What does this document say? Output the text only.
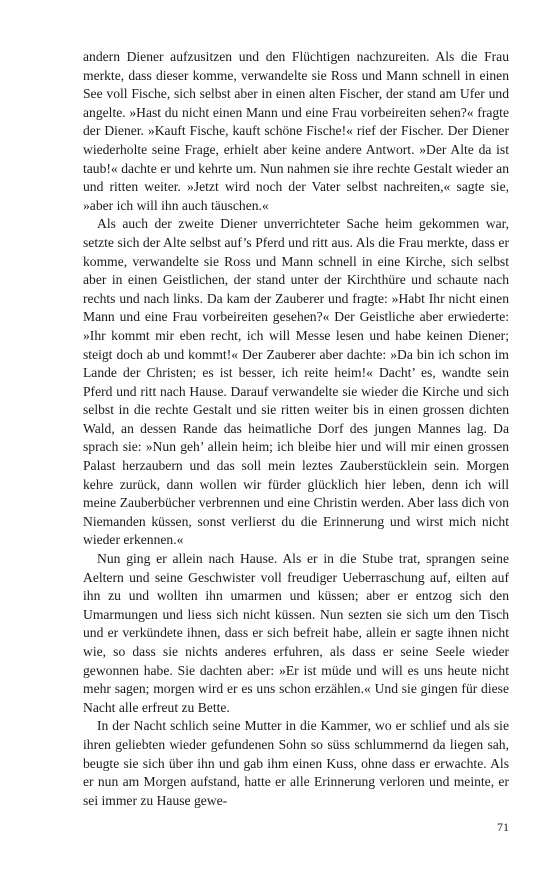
andern Diener aufzusitzen und den Flüchtigen nachzureiten. Als die Frau merkte, dass dieser komme, verwandelte sie Ross und Mann schnell in einen See voll Fische, sich selbst aber in einen alten Fischer, der stand am Ufer und angelte. »Hast du nicht einen Mann und eine Frau vorbeireiten sehen?« fragte der Diener. »Kauft Fische, kauft schöne Fische!« rief der Fischer. Der Diener wiederholte seine Frage, erhielt aber keine andere Antwort. »Der Alte da ist taub!« dachte er und kehrte um. Nun nahmen sie ihre rechte Gestalt wieder an und ritten weiter. »Jetzt wird noch der Vater selbst nachreiten,« sagte sie, »aber ich will ihn auch täuschen.«

Als auch der zweite Diener unverrichteter Sache heim gekommen war, setzte sich der Alte selbst auf’s Pferd und ritt aus. Als die Frau merkte, dass er komme, verwandelte sie Ross und Mann schnell in eine Kirche, sich selbst aber in einen Geistlichen, der stand unter der Kirchthüre und schaute nach rechts und nach links. Da kam der Zauberer und fragte: »Habt Ihr nicht einen Mann und eine Frau vorbeireiten gesehen?« Der Geistliche aber erwiederte: »Ihr kommt mir eben recht, ich will Messe lesen und habe keinen Diener; steigt doch ab und kommt!« Der Zauberer aber dachte: »Da bin ich schon im Lande der Christen; es ist besser, ich reite heim!« Dacht’ es, wandte sein Pferd und ritt nach Hause. Darauf verwandelte sie wieder die Kirche und sich selbst in die rechte Gestalt und sie ritten weiter bis in einen grossen dichten Wald, an dessen Rande das heimatliche Dorf des jungen Mannes lag. Da sprach sie: »Nun geh’ allein heim; ich bleibe hier und will mir einen grossen Palast herzaubern und das soll mein leztes Zauberstücklein sein. Morgen kehre zurück, dann wollen wir fürder glücklich hier leben, denn ich will meine Zauberbücher verbrennen und eine Christin werden. Aber lass dich von Niemanden küssen, sonst verlierst du die Erinnerung und wirst mich nicht wieder erkennen.«

Nun ging er allein nach Hause. Als er in die Stube trat, sprangen seine Aeltern und seine Geschwister voll freudiger Ueberraschung auf, eilten auf ihn zu und wollten ihn umarmen und küssen; aber er entzog sich den Umarmungen und liess sich nicht küssen. Nun sezten sie sich um den Tisch und er verkündete ihnen, dass er sich befreit habe, allein er sagte ihnen nicht wie, so dass sie nichts anderes erfuhren, als dass er seine Seele wieder gewonnen habe. Sie dachten aber: »Er ist müde und will es uns heute nicht mehr sagen; morgen wird er es uns schon erzählen.« Und sie gingen für diese Nacht alle erfreut zu Bette.

In der Nacht schlich seine Mutter in die Kammer, wo er schlief und als sie ihren geliebten wieder gefundenen Sohn so süss schlummernd da liegen sah, beugte sie sich über ihn und gab ihm einen Kuss, ohne dass er erwachte. Als er nun am Morgen aufstand, hatte er alle Erinnerung verloren und meinte, er sei immer zu Hause gewe-

71
